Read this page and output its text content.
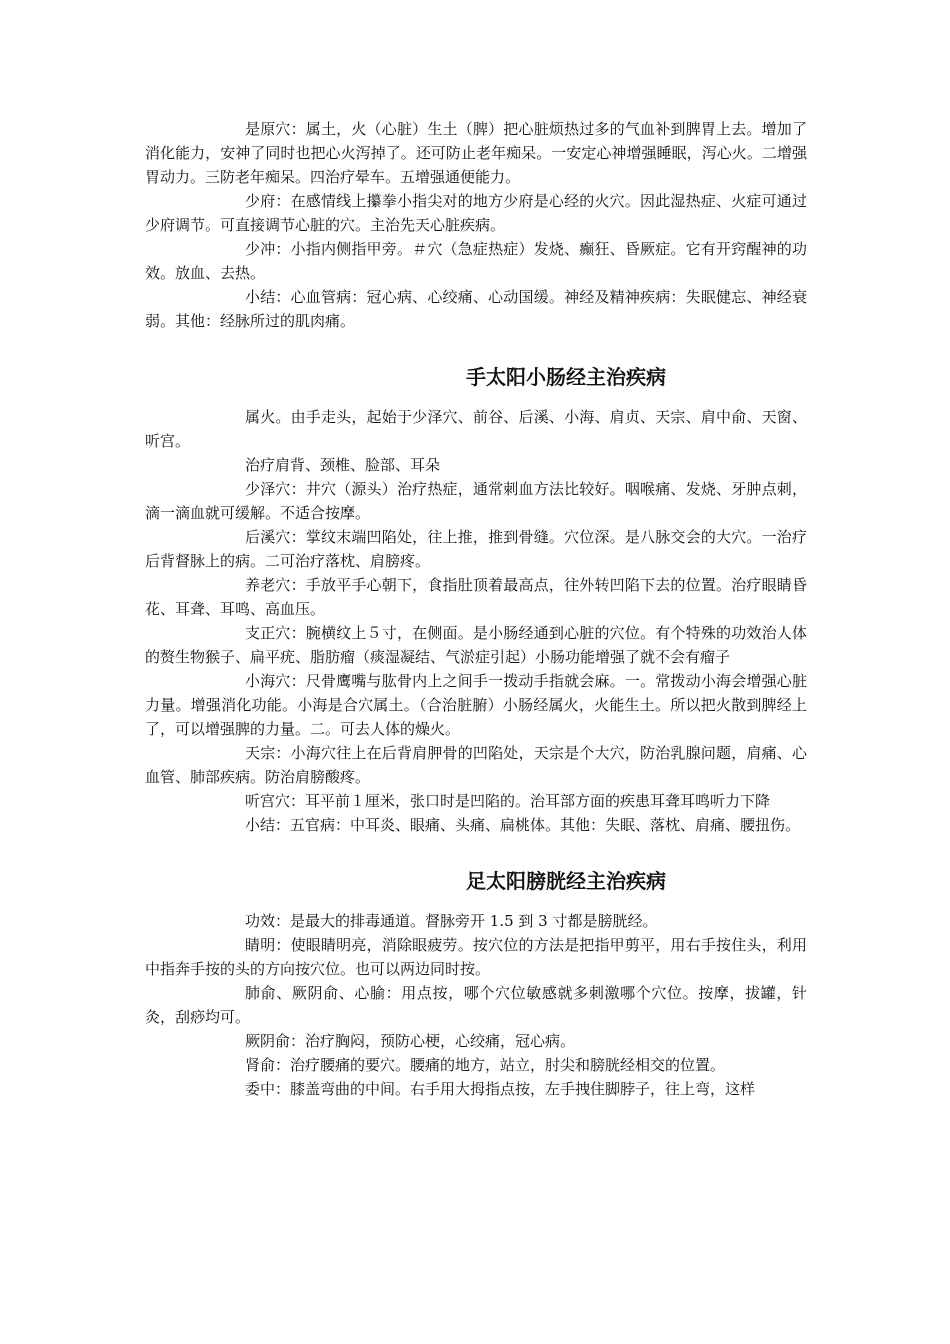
是原穴：属土，火（心脏）生土（脾）把心脏烦热过多的气血补到脾胃上去。增加了消化能力，安神了同时也把心火泻掉了。还可防止老年痴呆。一安定心神增强睡眠，泻心火。二增强胃动力。三防老年痴呆。四治疗晕车。五增强通便能力。

少府：在感情线上攥拳小指尖对的地方少府是心经的火穴。因此湿热症、火症可通过少府调节。可直接调节心脏的穴。主治先天心脏疾病。

少冲：小指内侧指甲旁。＃穴（急症热症）发烧、癫狂、昏厥症。它有开窍醒神的功效。放血、去热。

小结：心血管病：冠心病、心绞痛、心动国缓。神经及精神疾病：失眠健忘、神经衰弱。其他：经脉所过的肌肉痛。

手太阳小肠经主治疾病

属火。由手走头，起始于少泽穴、前谷、后溪、小海、肩贞、天宗、肩中俞、天窗、听宫。

治疗肩背、颈椎、脸部、耳朵

少泽穴：井穴（源头）治疗热症，通常刺血方法比较好。咽喉痛、发烧、牙肿点刺，滴一滴血就可缓解。不适合按摩。

后溪穴：掌纹末端凹陷处，往上推，推到骨缝。穴位深。是八脉交会的大穴。一治疗后背督脉上的病。二可治疗落枕、肩膀疼。

养老穴：手放平手心朝下，食指肚顶着最高点，往外转凹陷下去的位置。治疗眼睛昏花、耳聋、耳鸣、高血压。

支正穴：腕横纹上５寸，在侧面。是小肠经通到心脏的穴位。有个特殊的功效治人体的赘生物猴子、扁平疣、脂肪瘤（痰湿凝结、气淤症引起）小肠功能增强了就不会有瘤子

小海穴：尺骨鹰嘴与肱骨内上之间手一拨动手指就会麻。一。常拨动小海会增强心脏力量。增强消化功能。小海是合穴属土。（合治脏腑）小肠经属火，火能生土。所以把火散到脾经上了，可以增强脾的力量。二。可去人体的燥火。

天宗：小海穴往上在后背肩胛骨的凹陷处，天宗是个大穴，防治乳腺问题，肩痛、心血管、肺部疾病。防治肩膀酸疼。

听宫穴：耳平前１厘米，张口时是凹陷的。治耳部方面的疾患耳聋耳鸣听力下降

小结：五官病：中耳炎、眼痛、头痛、扁桃体。其他：失眠、落枕、肩痛、腰扭伤。

足太阳膀胱经主治疾病

功效：是最大的排毒通道。督脉旁开 1.5 到 3 寸都是膀胱经。

睛明：使眼睛明亮，消除眼疲劳。按穴位的方法是把指甲剪平，用右手按住头，利用中指奔手按的头的方向按穴位。也可以两边同时按。

肺俞、厥阴俞、心腧：用点按，哪个穴位敏感就多刺激哪个穴位。按摩，拔罐，针灸，刮痧均可。

厥阴俞：治疗胸闷，预防心梗，心绞痛，冠心病。

肾俞：治疗腰痛的要穴。腰痛的地方，站立，肘尖和膀胱经相交的位置。

委中：膝盖弯曲的中间。右手用大拇指点按，左手拽住脚脖子，往上弯，这样
